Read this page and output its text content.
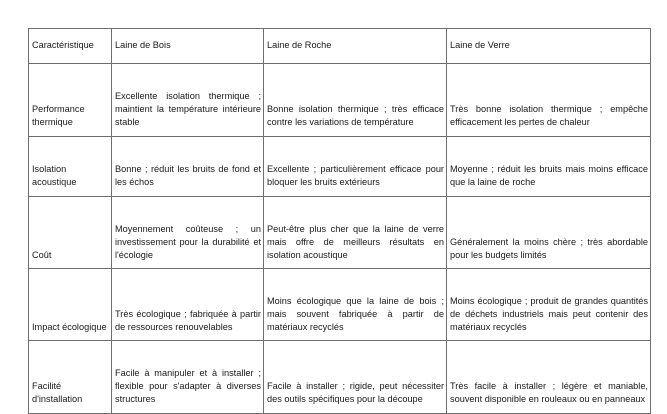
Caractéristique	Laine de Bois	Laine de Roche	Laine de Verre
Performance thermique	Excellente isolation thermique ; maintient la température intérieure stable	Bonne isolation thermique ; très efficace contre les variations de température	Très bonne isolation thermique ; empêche efficacement les pertes de chaleur
Isolation acoustique	Bonne ; réduit les bruits de fond et les échos	Excellente ; particulièrement efficace pour bloquer les bruits extérieurs	Moyenne ; réduit les bruits mais moins efficace que la laine de roche
Coût	Moyennement coûteuse ; un investissement pour la durabilité et l'écologie	Peut-être plus cher que la laine de verre mais offre de meilleurs résultats en isolation acoustique	Généralement la moins chère ; très abordable pour les budgets limités
Impact écologique	Très écologique ; fabriquée à partir de ressources renouvelables	Moins écologique que la laine de bois ; mais souvent fabriquée à partir de matériaux recyclés	Moins écologique ; produit de grandes quantités de déchets industriels mais peut contenir des matériaux recyclés
Facilité d'installation	Facile à manipuler et à installer ; flexible pour s'adapter à diverses structures	Facile à installer ; rigide, peut nécessiter des outils spécifiques pour la découpe	Très facile à installer ; légère et maniable, souvent disponible en rouleaux ou en panneaux
